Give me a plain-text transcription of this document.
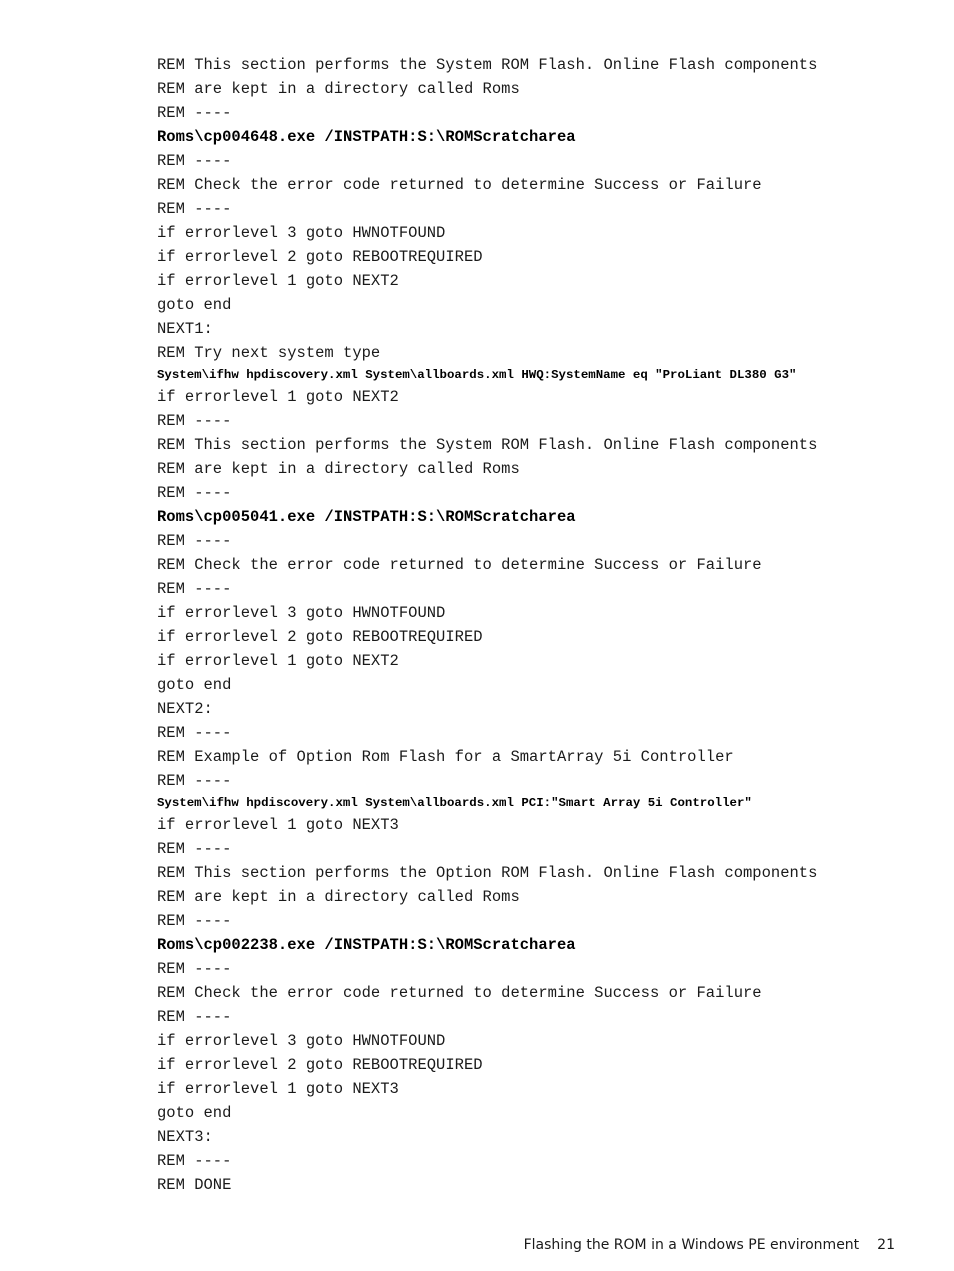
REM This section performs the System ROM Flash. Online Flash components
REM are kept in a directory called Roms
REM ----
Roms\cp004648.exe /INSTPATH:S:\ROMScratcharea
REM ----
REM Check the error code returned to determine Success or Failure
REM ----
if errorlevel 3 goto HWNOTFOUND
if errorlevel 2 goto REBOOTREQUIRED
if errorlevel 1 goto NEXT2
goto end
NEXT1:
REM Try next system type
System\ifhw hpdiscovery.xml System\allboards.xml HWQ:SystemName eq "ProLiant DL380 G3"
if errorlevel 1 goto NEXT2
REM ----
REM This section performs the System ROM Flash. Online Flash components
REM are kept in a directory called Roms
REM ----
Roms\cp005041.exe /INSTPATH:S:\ROMScratcharea
REM ----
REM Check the error code returned to determine Success or Failure
REM ----
if errorlevel 3 goto HWNOTFOUND
if errorlevel 2 goto REBOOTREQUIRED
if errorlevel 1 goto NEXT2
goto end
NEXT2:
REM ----
REM Example of Option Rom Flash for a SmartArray 5i Controller
REM ----
System\ifhw hpdiscovery.xml System\allboards.xml PCI:"Smart Array 5i Controller"
if errorlevel 1 goto NEXT3
REM ----
REM This section performs the Option ROM Flash. Online Flash components
REM are kept in a directory called Roms
REM ----
Roms\cp002238.exe /INSTPATH:S:\ROMScratcharea
REM ----
REM Check the error code returned to determine Success or Failure
REM ----
if errorlevel 3 goto HWNOTFOUND
if errorlevel 2 goto REBOOTREQUIRED
if errorlevel 1 goto NEXT3
goto end
NEXT3:
REM ----
REM DONE

Flashing the ROM in a Windows PE environment 21
